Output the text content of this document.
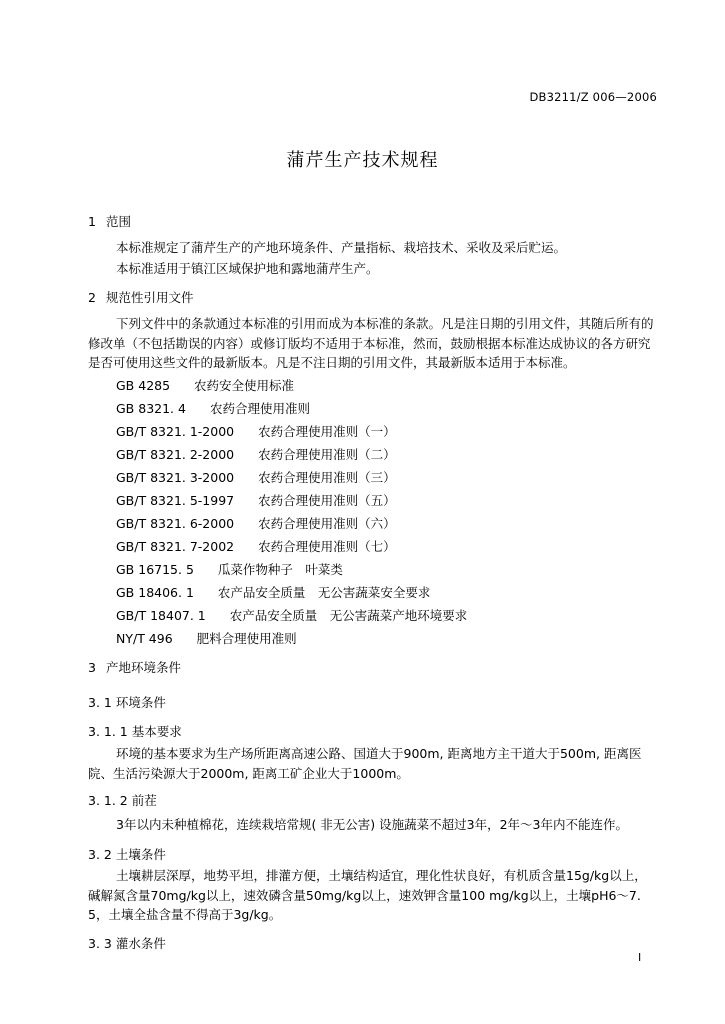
DB3211/Z 006—2006
蒲芹生产技术规程
1 范围
本标准规定了蒲芹生产的产地环境条件、产量指标、栽培技术、采收及采后贮运。
本标准适用于镇江区域保护地和露地蒲芹生产。
2 规范性引用文件
下列文件中的条款通过本标准的引用而成为本标准的条款。凡是注日期的引用文件，其随后所有的修改单（不包括勘误的内容）或修订版均不适用于本标准，然而，鼓励根据本标准达成协议的各方研究是否可使用这些文件的最新版本。凡是不注日期的引用文件，其最新版本适用于本标准。
GB 4285 农药安全使用标准
GB 8321. 4 农药合理使用准则
GB/T 8321. 1-2000 农药合理使用准则（一）
GB/T 8321. 2-2000 农药合理使用准则（二）
GB/T 8321. 3-2000 农药合理使用准则（三）
GB/T 8321. 5-1997 农药合理使用准则（五）
GB/T 8321. 6-2000 农药合理使用准则（六）
GB/T 8321. 7-2002 农药合理使用准则（七）
GB 16715. 5 瓜菜作物种子　叶菜类
GB 18406. 1 农产品安全质量　无公害蔬菜安全要求
GB/T 18407. 1 农产品安全质量　无公害蔬菜产地环境要求
NY/T 496 肥料合理使用准则
3 产地环境条件
3. 1 环境条件
3. 1. 1 基本要求
环境的基本要求为生产场所距离高速公路、国道大于900m, 距离地方主干道大于500m, 距离医院、生活污染源大于2000m, 距离工矿企业大于1000m。
3. 1. 2 前茬
3年以内未种植棉花，连续栽培常规( 非无公害) 设施蔬菜不超过3年，2年～3年内不能连作。
3. 2 土壤条件
土壤耕层深厚，地势平坦，排灌方便，土壤结构适宜，理化性状良好，有机质含量15g/kg以上，碱解氮含量70mg/kg以上，速效磷含量50mg/kg以上，速效钾含量100 mg/kg以上，土壤pH6～7. 5，土壤全盐含量不得高于3g/kg。
3. 3 灌水条件
I
